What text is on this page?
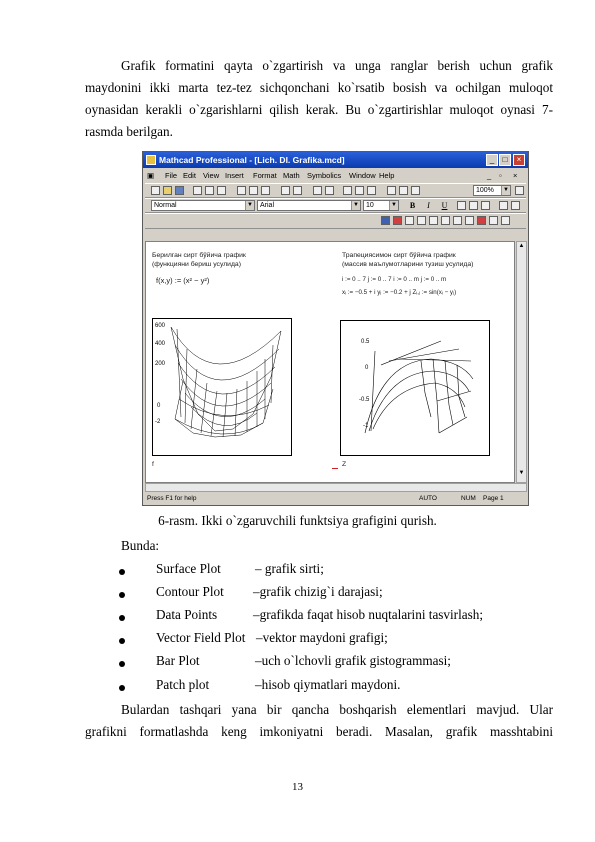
Grafik formatini qayta o`zgartirish va unga ranglar berish uchun grafik
maydonini ikki marta tez-tez sichqonchani ko`rsatib bosish va ochilgan muloqot
oynasidan kerakli o`zgarishlarni qilish kerak. Bu o`zgartirishlar muloqot oynasi 7-
rasmda berilgan.
Mathcad Professional - [Lich. DI. Grafika.mcd]	_	□	×
▣ File Edit View Insert Format Math Symbolics Window Help	_ ▫ ×
100%	▼
Normal	▼	Arial	▼	10	▼	B	I	U
Берилган сирт бўйича график
(функцияни бериш усулида)
f(x,y) := (x² − y²)
600
400
200
0
-2
f
Трапециясимон сирт бўйича график
(массив маълумотларини тузиш усулида)
i := 0 .. 7 j := 0 .. 7 i := 0 .. m j := 0 .. m
xᵢ := −0.5 + i yⱼ := −0.2 + j Zᵢ,ⱼ := sin(xᵢ − yⱼ)
0.5
0
-0.5
-1
Z
▲
▼
Press F1 for help	AUTO	NUM Page 1
6-rasm. Ikki o`zgaruvchili funktsiya grafigini qurish.
Bunda:
Surface Plot	– grafik sirti;
Contour Plot –grafik chizig`i darajasi;
Data Points	–grafikda faqat hisob nuqtalarini tasvirlash;
Vector Field Plot –vektor maydoni grafigi;
Bar Plot	–uch o`lchovli grafik gistogrammasi;
Patch plot	–hisob qiymatlari maydoni.
Bulardan tashqari yana bir qancha boshqarish elementlari mavjud. Ular
grafikni formatlashda keng imkoniyatni beradi. Masalan, grafik masshtabini
13
